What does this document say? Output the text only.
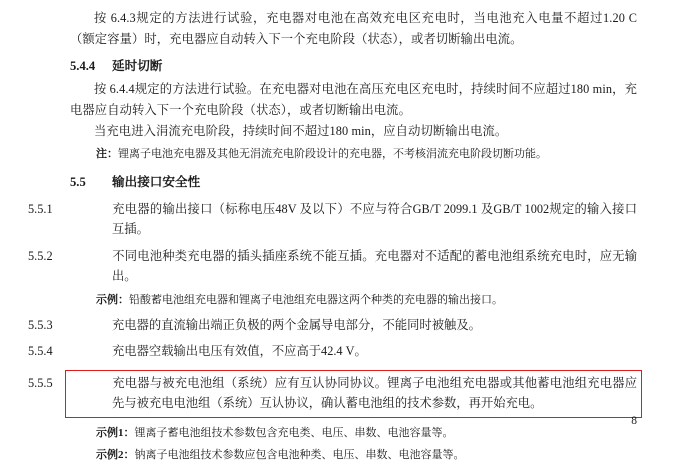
按 6.4.3规定的方法进行试验，充电器对电池在高效充电区充电时，当电池充入电量不超过1.20 C（额定容量）时，充电器应自动转入下一个充电阶段（状态），或者切断输出电流。

5.4.4 延时切断

按 6.4.4规定的方法进行试验。在充电器对电池在高压充电区充电时，持续时间不应超过180 min，充电器应自动转入下一个充电阶段（状态），或者切断输出电流。

当充电进入涓流充电阶段，持续时间不超过180 min，应自动切断输出电流。

注：锂离子电池充电器及其他无涓流充电阶段设计的充电器，不考核涓流充电阶段切断功能。

5.5 输出接口安全性

5.5.1	充电器的输出接口（标称电压48V 及以下）不应与符合GB/T 2099.1 及GB/T 1002规定的输入接口互插。

5.5.2	不同电池种类充电器的插头插座系统不能互插。充电器对不适配的蓄电池组系统充电时，应无输出。

示例：铅酸蓄电池组充电器和锂离子电池组充电器这两个种类的充电器的输出接口。

5.5.3	充电器的直流输出端正负极的两个金属导电部分，不能同时被触及。

5.5.4	充电器空载输出电压有效值，不应高于42.4 V。

5.5.5	充电器与被充电池组（系统）应有互认协同协议。锂离子电池组充电器或其他蓄电池组充电器应先与被充电电池组（系统）互认协议，确认蓄电池组的技术参数，再开始充电。

示例1：锂离子蓄电池组技术参数包含充电类、电压、串数、电池容量等。

示例2：钠离子电池组技术参数应包含电池种类、电压、串数、电池容量等。

8
